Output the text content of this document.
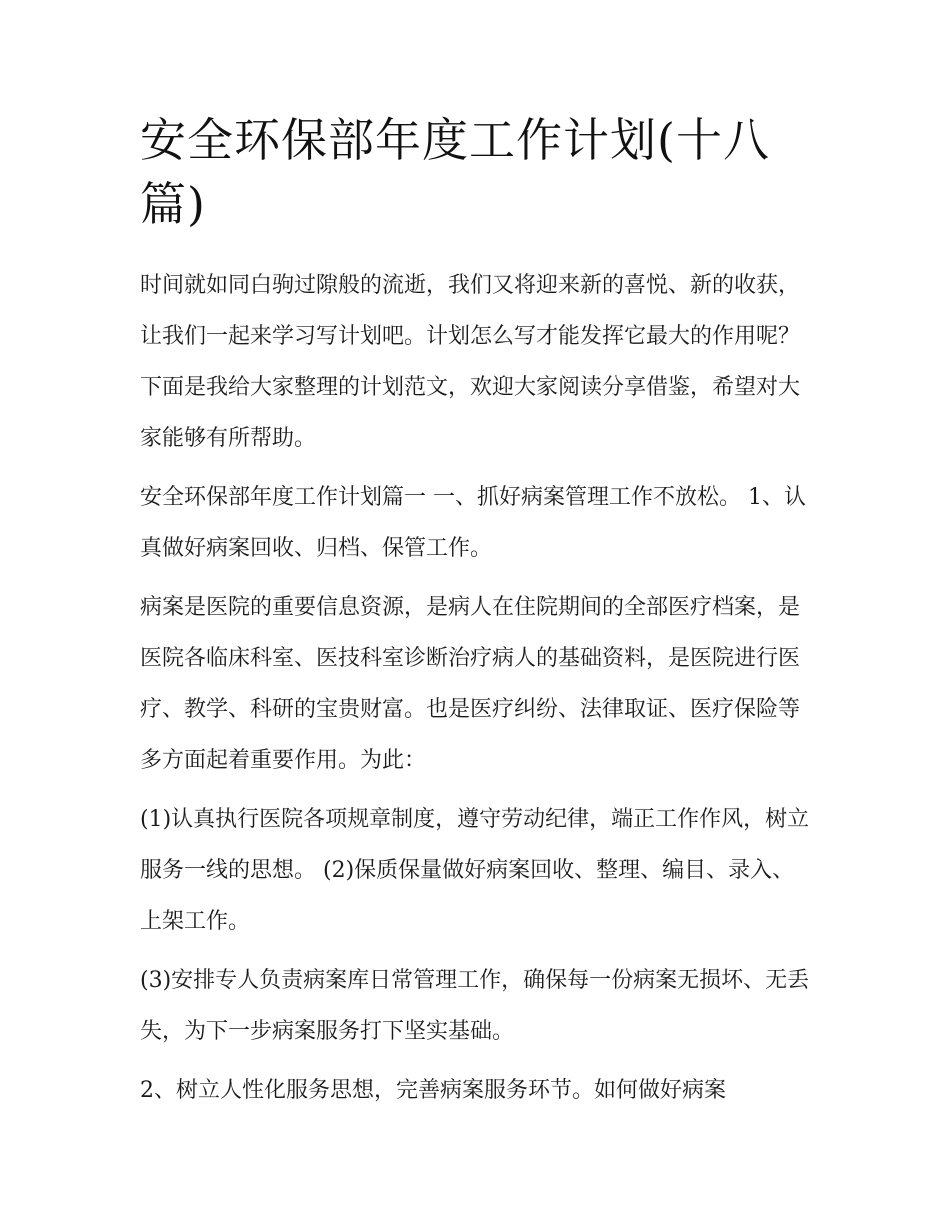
安全环保部年度工作计划(十八篇)

时间就如同白驹过隙般的流逝，我们又将迎来新的喜悦、新的收获，让我们一起来学习写计划吧。计划怎么写才能发挥它最大的作用呢？下面是我给大家整理的计划范文，欢迎大家阅读分享借鉴，希望对大家能够有所帮助。

安全环保部年度工作计划篇一 一、抓好病案管理工作不放松。 1、认真做好病案回收、归档、保管工作。

病案是医院的重要信息资源，是病人在住院期间的全部医疗档案，是医院各临床科室、医技科室诊断治疗病人的基础资料，是医院进行医疗、教学、科研的宝贵财富。也是医疗纠纷、法律取证、医疗保险等多方面起着重要作用。为此：

(1)认真执行医院各项规章制度，遵守劳动纪律，端正工作作风，树立服务一线的思想。 (2)保质保量做好病案回收、整理、编目、录入、上架工作。

(3)安排专人负责病案库日常管理工作，确保每一份病案无损坏、无丢失，为下一步病案服务打下坚实基础。

2、树立人性化服务思想，完善病案服务环节。如何做好病案
